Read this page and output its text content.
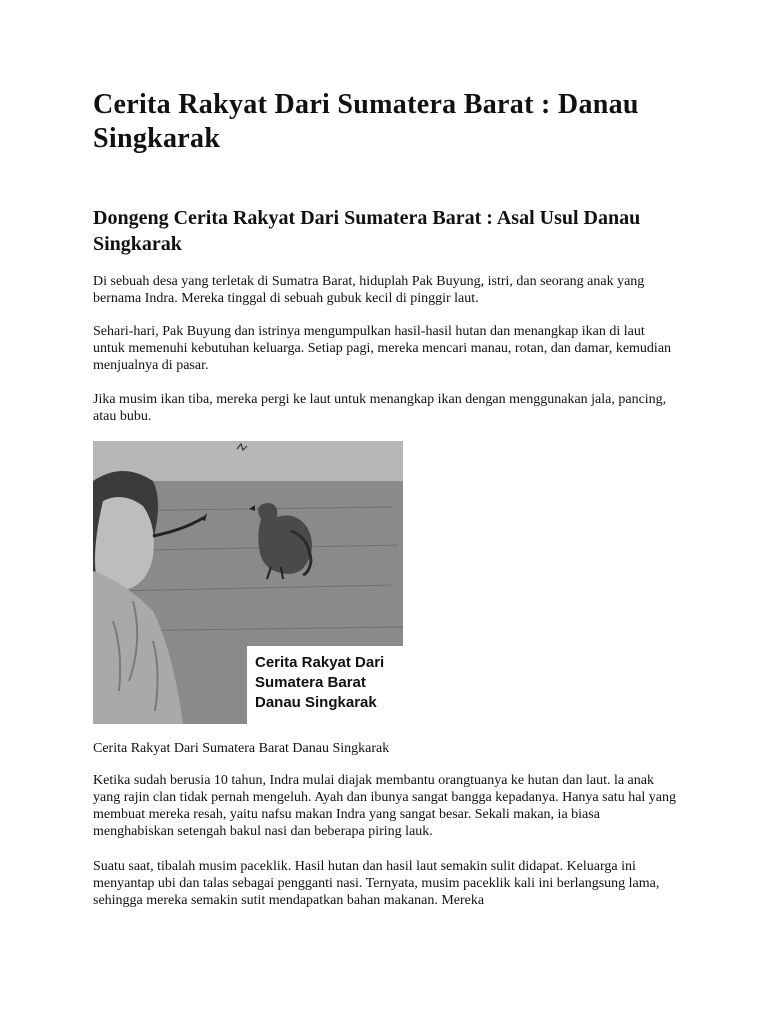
Cerita Rakyat Dari Sumatera Barat : Danau Singkarak
Dongeng Cerita Rakyat Dari Sumatera Barat : Asal Usul Danau Singkarak

Di sebuah desa yang terletak di Sumatra Barat, hiduplah Pak Buyung, istri, dan seorang anak yang bernama Indra. Mereka tinggal di sebuah gubuk kecil di pinggir laut.

Sehari-hari, Pak Buyung dan istrinya mengumpulkan hasil-hasil hutan dan menangkap ikan di laut untuk memenuhi kebutuhan keluarga. Setiap pagi, mereka mencari manau, rotan, dan damar, kemudian menjualnya di pasar.

Jika musim ikan tiba, mereka pergi ke laut untuk menangkap ikan dengan menggunakan jala, pancing, atau bubu.

Cerita Rakyat Dari
Sumatera Barat
Danau Singkarak

Cerita Rakyat Dari Sumatera Barat Danau Singkarak

Ketika sudah berusia 10 tahun, Indra mulai diajak membantu orangtuanya ke hutan dan laut. la anak yang rajin clan tidak pernah mengeluh. Ayah dan ibunya sangat bangga kepadanya. Hanya satu hal yang membuat mereka resah, yaitu nafsu makan Indra yang sangat besar. Sekali makan, ia biasa menghabiskan setengah bakul nasi dan beberapa piring lauk.

Suatu saat, tibalah musim paceklik. Hasil hutan dan hasil laut semakin sulit didapat. Keluarga ini menyantap ubi dan talas sebagai pengganti nasi. Ternyata, musim paceklik kali ini berlangsung lama, sehingga mereka semakin sutit mendapatkan bahan makanan. Mereka
